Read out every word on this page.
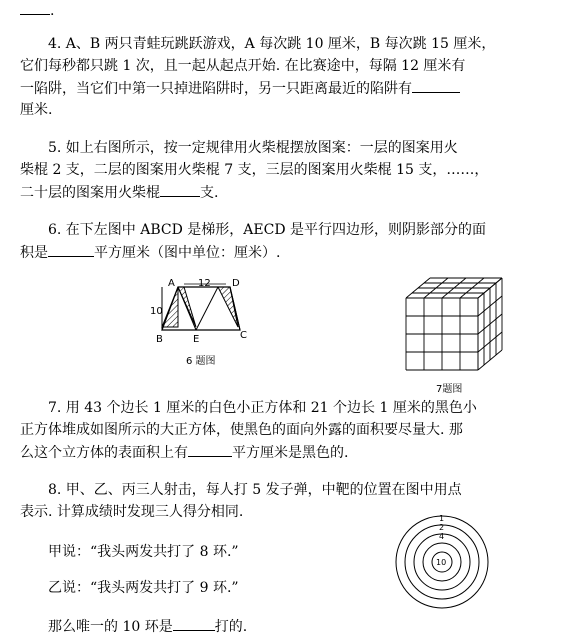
.
4. A、B 两只青蛙玩跳跃游戏，A 每次跳 10 厘米，B 每次跳 15 厘米，
它们每秒都只跳 1 次，且一起从起点开始. 在比赛途中，每隔 12 厘米有
一陷阱，当它们中第一只掉进陷阱时，另一只距离最近的陷阱有
厘米.
5. 如上右图所示，按一定规律用火柴棍摆放图案：一层的图案用火
柴棍 2 支，二层的图案用火柴棍 7 支，三层的图案用火柴棍 15 支，……，
二十层的图案用火柴棍	支.
6. 在下左图中 ABCD 是梯形，AECD 是平行四边形，则阴影部分的面
积是	平方厘米（图中单位：厘米）.
12
10
A	D
B	E	C
6 题图
7题图
7. 用 43 个边长 1 厘米的白色小正方体和 21 个边长 1 厘米的黑色小
正方体堆成如图所示的大正方体，使黑色的面向外露的面积要尽量大. 那
么这个立方体的表面积上有	平方厘米是黑色的.
8. 甲、乙、丙三人射击，每人打 5 发子弹，中靶的位置在图中用点
表示. 计算成绩时发现三人得分相同.
甲说：“我头两发共打了 8 环.”
乙说：“我头两发共打了 9 环.”
那么唯一的 10 环是	打的.
1
2
4
10
